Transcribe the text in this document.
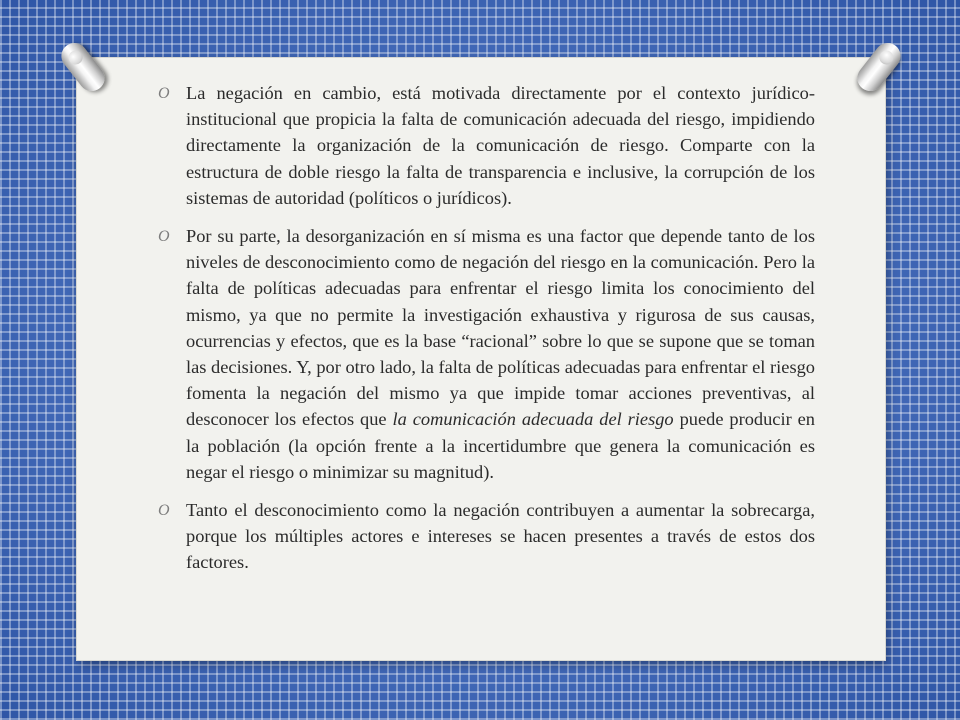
O La negación en cambio, está motivada directamente por el contexto jurídico-institucional que propicia la falta de comunicación adecuada del riesgo, impidiendo directamente la organización de la comunicación de riesgo. Comparte con la estructura de doble riesgo la falta de transparencia e inclusive, la corrupción de los sistemas de autoridad (políticos o jurídicos).
O Por su parte, la desorganización en sí misma es una factor que depende tanto de los niveles de desconocimiento como de negación del riesgo en la comunicación. Pero la falta de políticas adecuadas para enfrentar el riesgo limita los conocimiento del mismo, ya que no permite la investigación exhaustiva y rigurosa de sus causas, ocurrencias y efectos, que es la base “racional” sobre lo que se supone que se toman las decisiones. Y, por otro lado, la falta de políticas adecuadas para enfrentar el riesgo fomenta la negación del mismo ya que impide tomar acciones preventivas, al desconocer los efectos que la comunicación adecuada del riesgo puede producir en la población (la opción frente a la incertidumbre que genera la comunicación es negar el riesgo o minimizar su magnitud).
O Tanto el desconocimiento como la negación contribuyen a aumentar la sobrecarga, porque los múltiples actores e intereses se hacen presentes a través de estos dos factores.
